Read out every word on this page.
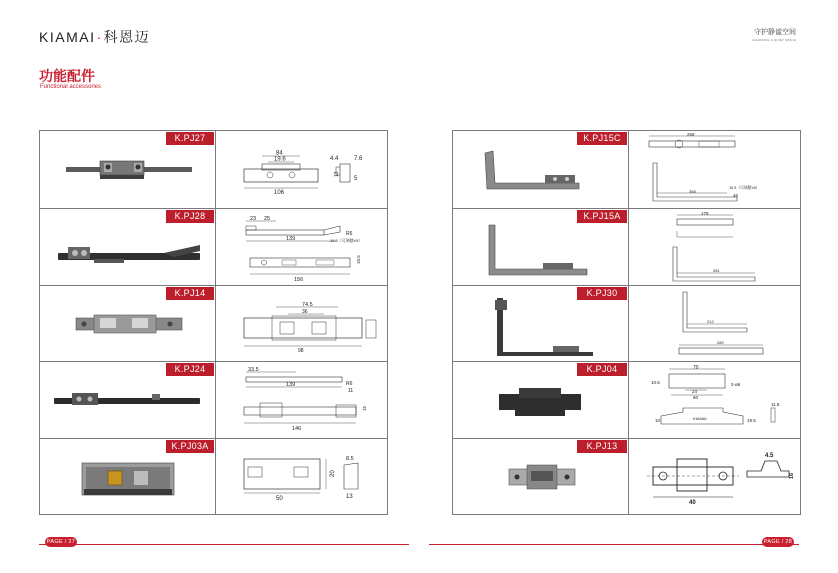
KIAMAI·科恩迈	守护静谧空间
GUARDING A QUIET SPACE
功能配件
Functional accessories
K.PJ27
84
19.6
106
4.4	7.6
13
5
K.PJ28	23 25
139
R6
15.5（可调整±5）
156
10.5
K.PJ14
74.5
36
98
K.PJ24	33.5
139	R6
11
15
146
K.PJ03A
50
20
8.5
13
K.PJ15C	258
15.5（可调整±5）
358
46
K.PJ15A	178
281
K.PJ30
212
280
K.PJ04	70
10.5
24
60
2-ø6
11.8
KIAMAI	19.5
10
K.PJ13
40
4.5
16
PAGE / 27	PAGE / 28
